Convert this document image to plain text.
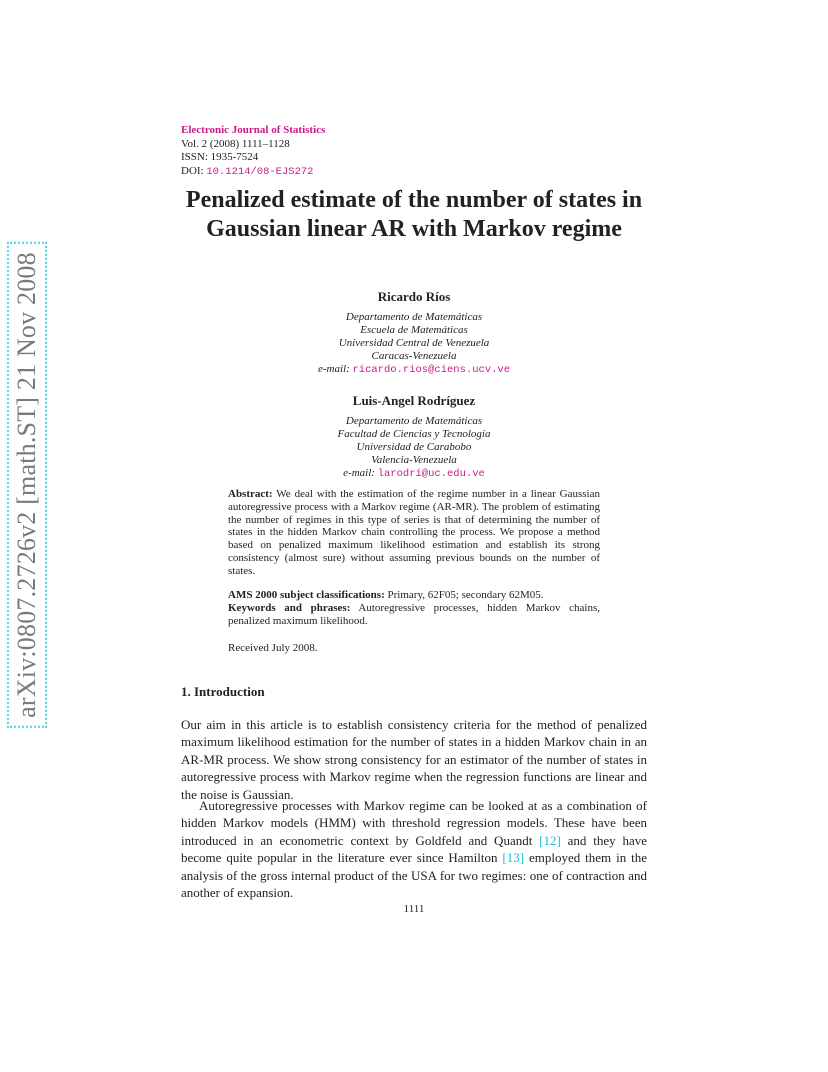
arXiv:0807.2726v2 [math.ST] 21 Nov 2008
Electronic Journal of Statistics
Vol. 2 (2008) 1111–1128
ISSN: 1935-7524
DOI: 10.1214/08-EJS272
Penalized estimate of the number of states in Gaussian linear AR with Markov regime
Ricardo Ríos
Departamento de Matemáticas
Escuela de Matemáticas
Universidad Central de Venezuela
Caracas-Venezuela
e-mail: ricardo.rios@ciens.ucv.ve
Luis-Angel Rodríguez
Departamento de Matemáticas
Facultad de Ciencias y Tecnología
Universidad de Carabobo
Valencia-Venezuela
e-mail: larodri@uc.edu.ve
Abstract: We deal with the estimation of the regime number in a linear Gaussian autoregressive process with a Markov regime (AR-MR). The problem of estimating the number of regimes in this type of series is that of determining the number of states in the hidden Markov chain controlling the process. We propose a method based on penalized maximum likelihood estimation and establish its strong consistency (almost sure) without assuming previous bounds on the number of states.
AMS 2000 subject classifications: Primary, 62F05; secondary 62M05.
Keywords and phrases: Autoregressive processes, hidden Markov chains, penalized maximum likelihood.
Received July 2008.
1. Introduction

Our aim in this article is to establish consistency criteria for the method of penalized maximum likelihood estimation for the number of states in a hidden Markov chain in an AR-MR process. We show strong consistency for an estimator of the number of states in autoregressive process with Markov regime when the regression functions are linear and the noise is Gaussian.

Autoregressive processes with Markov regime can be looked at as a combination of hidden Markov models (HMM) with threshold regression models. These have been introduced in an econometric context by Goldfeld and Quandt [12] and they have become quite popular in the literature ever since Hamilton [13] employed them in the analysis of the gross internal product of the USA for two regimes: one of contraction and another of expansion.

1111
